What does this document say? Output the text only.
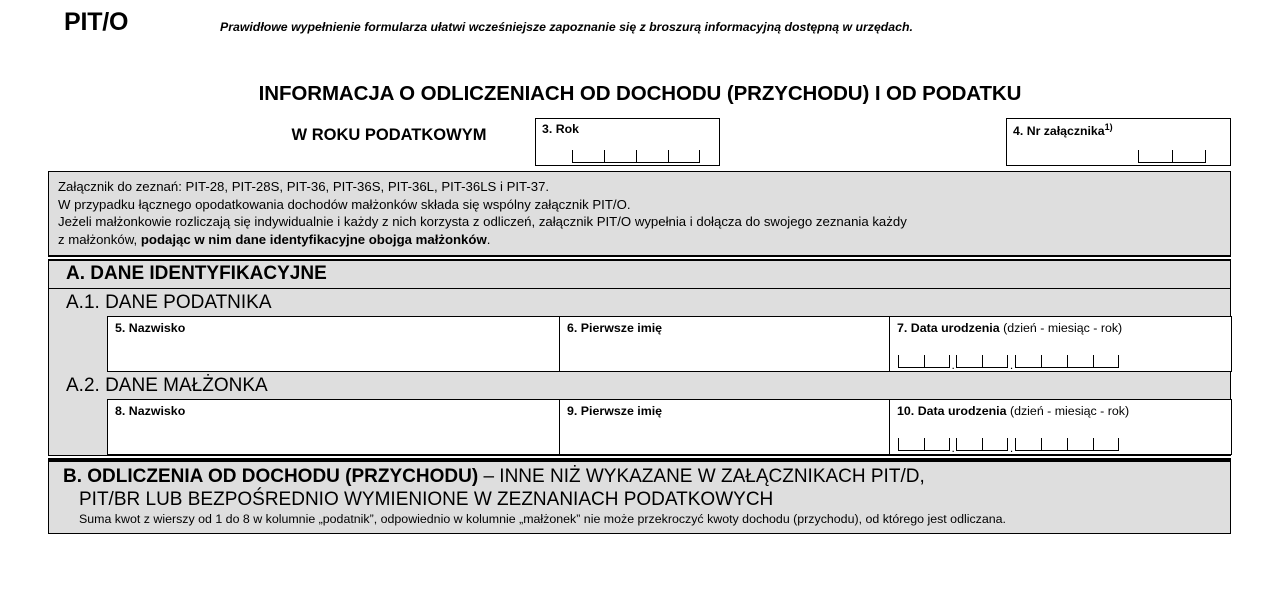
PIT/O	Prawidłowe wypełnienie formularza ułatwi wcześniejsze zapoznanie się z broszurą informacyjną dostępną w urzędach.
INFORMACJA O ODLICZENIACH OD DOCHODU (PRZYCHODU) I OD PODATKU
W ROKU PODATKOWYM	3. Rok	4. Nr załącznika$^{1)}$

Załącznik do zeznań: PIT-28, PIT-28S, PIT-36, PIT-36S, PIT-36L, PIT-36LS i PIT-37.

W przypadku łącznego opodatkowania dochodów małżonków składa się wspólny załącznik PIT/O.

Jeżeli małżonkowie rozliczają się indywidualnie i każdy z nich korzysta z odliczeń, załącznik PIT/O wypełnia i dołącza do swojego zeznania każdy

z małżonków, podając w nim dane identyfikacyjne obojga małżonków.

A. DANE IDENTYFIKACYJNE
A.1. DANE PODATNIKA
5. Nazwisko	6. Pierwsze imię	7. Data urodzenia (dzień - miesiąc - rok)
.	.
A.2. DANE MAŁŻONKA
8. Nazwisko	9. Pierwsze imię	10. Data urodzenia (dzień - miesiąc - rok)
.	.
B. ODLICZENIA OD DOCHODU (PRZYCHODU) – INNE NIŻ WYKAZANE W ZAŁĄCZNIKACH PIT/D,
PIT/BR LUB BEZPOŚREDNIO WYMIENIONE W ZEZNANIACH PODATKOWYCH
Suma kwot z wierszy od 1 do 8 w kolumnie „podatnik”, odpowiednio w kolumnie „małżonek” nie może przekroczyć kwoty dochodu (przychodu), od którego jest odliczana.
